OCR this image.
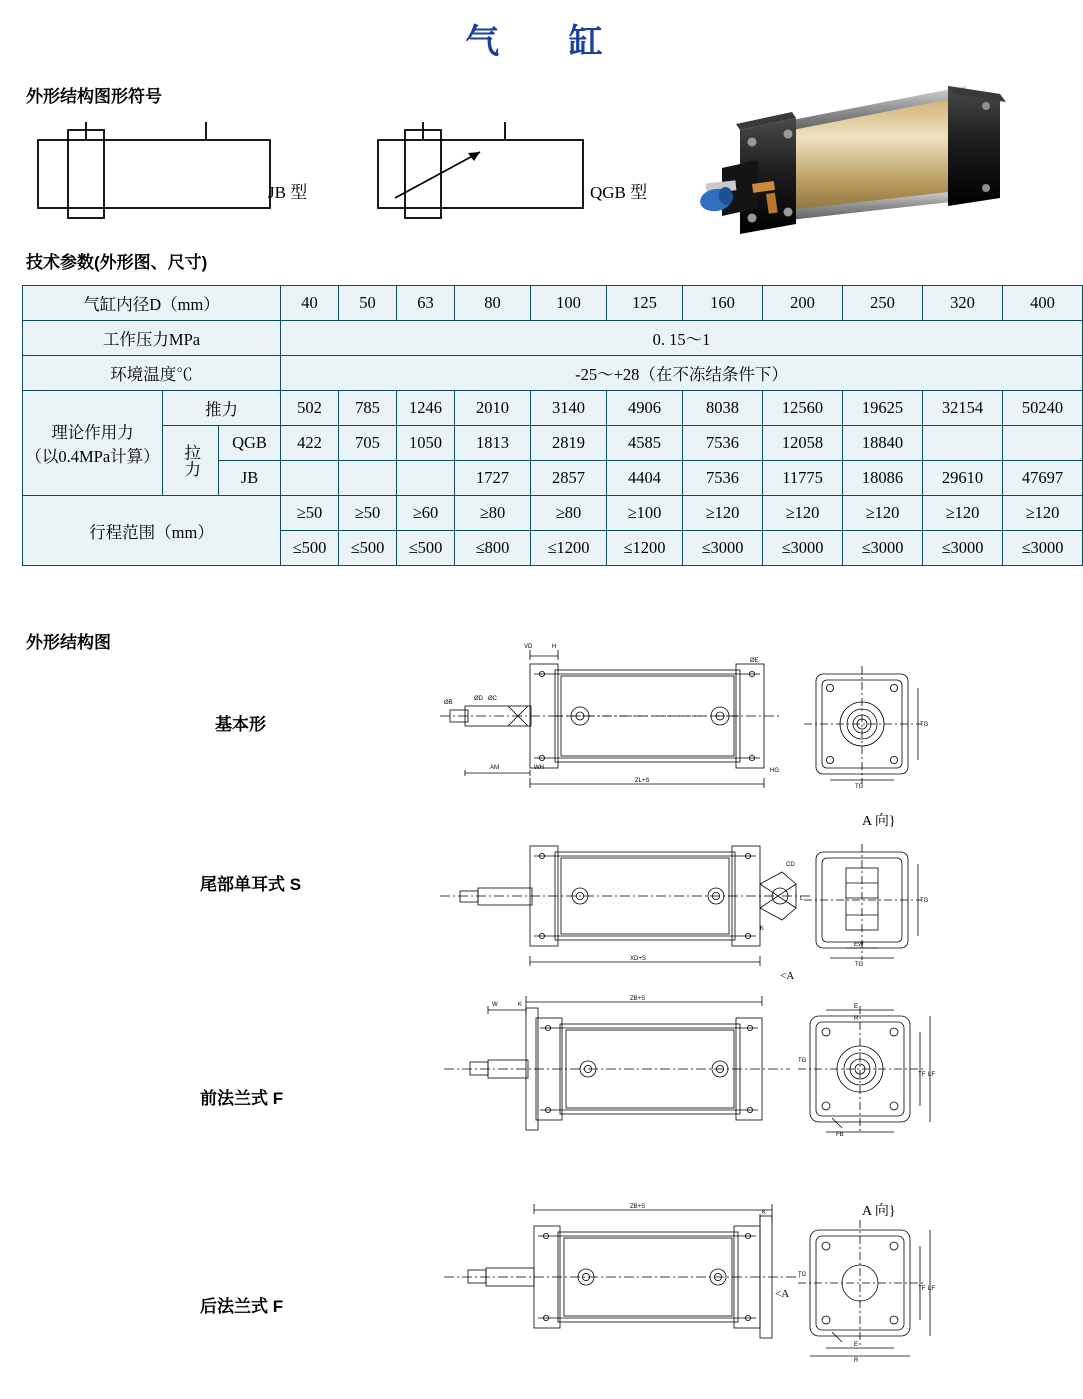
气 缸
外形结构图形符号
JB 型	QGB 型
技术参数(外形图、尺寸)
气缸内径D（mm）			40	50	63	80	100	125	160	200	250	320	400
工作压力MPa			0. 15～1										
环境温度℃			-25～+28（在不冻结条件下）										

理论作用力
（以0.4MPa计算）	推力		502	785	1246	2010	3140	4906	8038	12560	19625	32154	50240

	拉力	QGB	422	705	1050	1813	2819	4585	7536	12058	18840		
		JB				1727	2857	4404	7536	11775	18086	29610	47697
行程范围（mm）			≥50	≥50	≥60	≥80	≥80	≥100	≥120	≥120	≥120	≥120	≥120
			≤500	≤500	≤500	≤800	≤1200	≤1200	≤3000	≤3000	≤3000	≤3000	≤3000
外形结构图
基本形
A 向}
VD	H
AM	WH
ZL+S
HG
ØB
ØD ØC
ØE
TG
TG
尾部单耳式 S
XD+S
CD
L
K
EW
TG
TG
前法兰式 F
A 向}
ZB+S
W	K	E
R
TG
TF LF
FB
后法兰式 F
ZB+S
K
TG
TF LF
E
R
<A
<A
